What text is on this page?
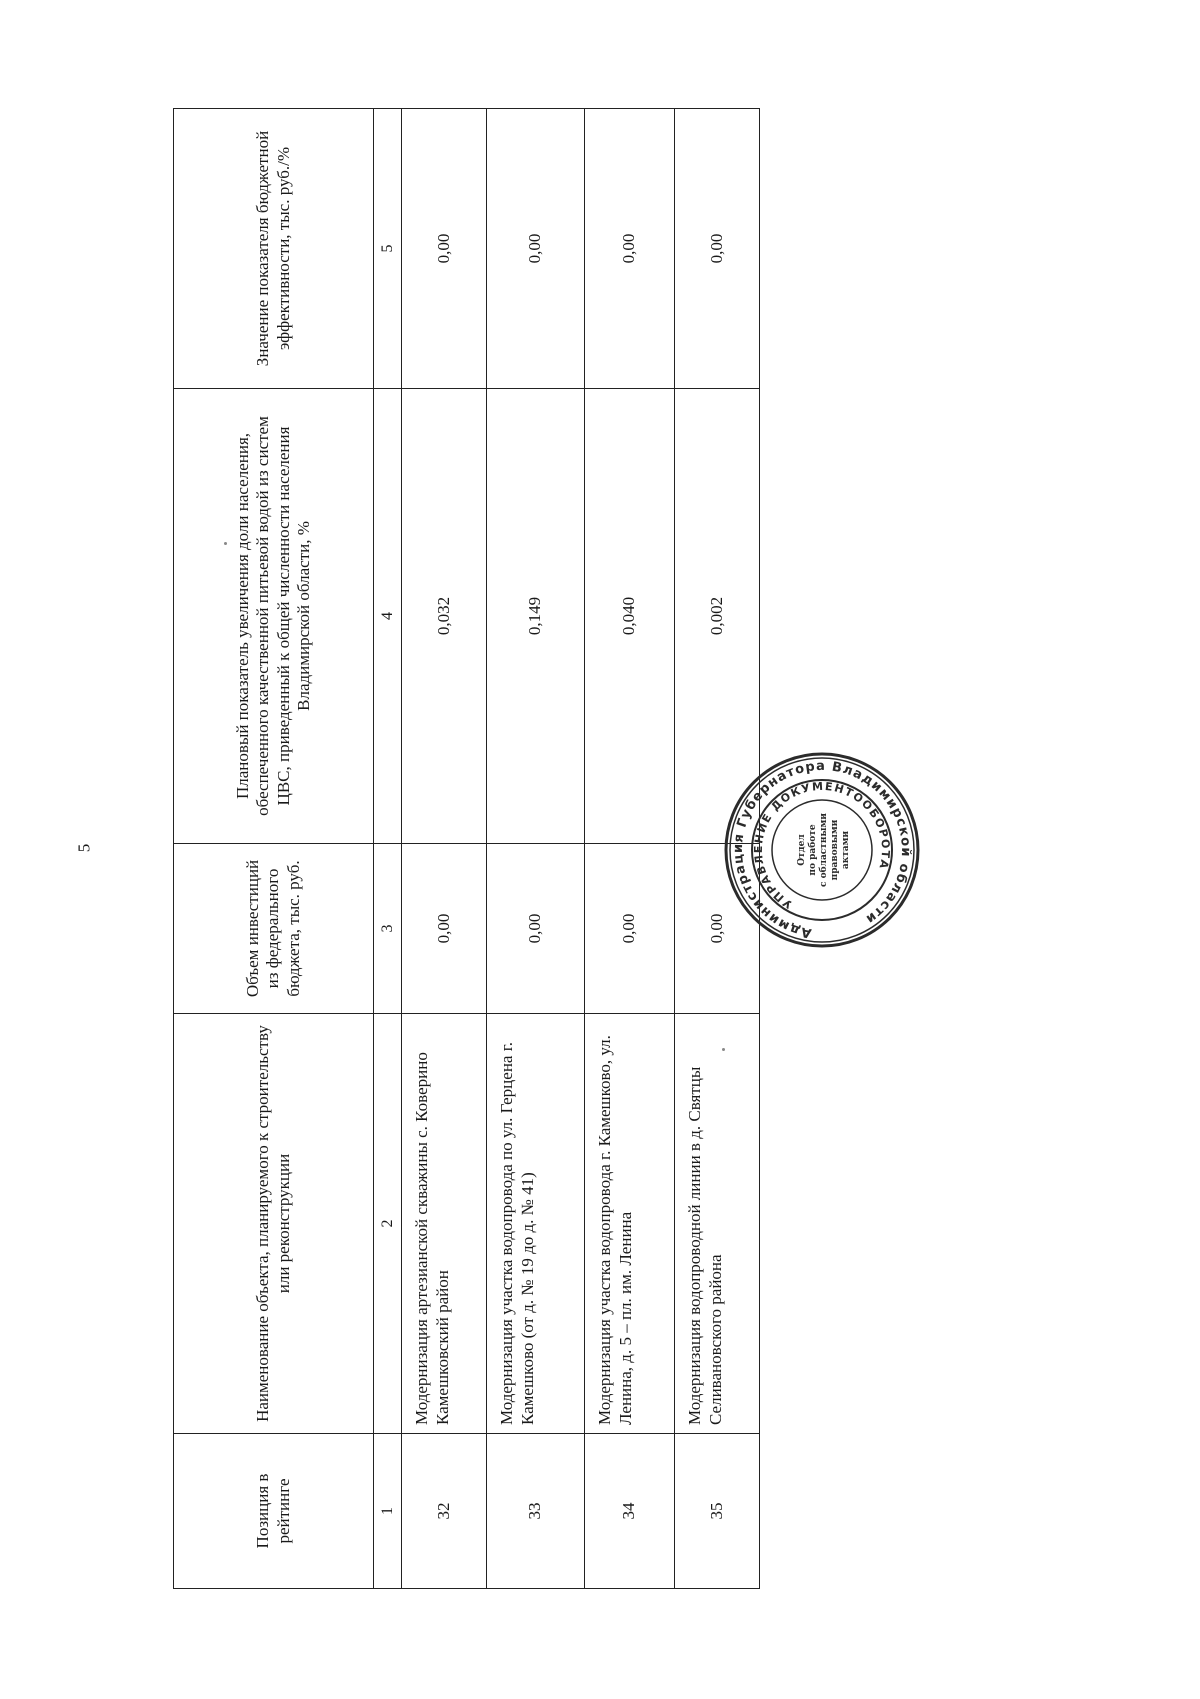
5
Позиция в рейтинге	Наименование объекта, планируемого к строительству или реконструкции	Объем инвестиций из федерального бюджета, тыс. руб.	Плановый показатель увеличения доли населения, обеспеченного качественной питьевой водой из систем ЦВС, приведенный к общей численности населения Владимирской области, %	Значение показателя бюджетной эффективности, тыс. руб./%
1	2	3	4	5
32	Модернизация артезианской скважины с. Коверино Камешковский район	0,00	0,032	0,00
33	Модернизация участка водопровода по ул. Герцена г. Камешково (от д. № 19 до д. № 41)	0,00	0,149	0,00
34	Модернизация участка водопровода г. Камешково, ул. Ленина, д. 5 – пл. им. Ленина	0,00	0,040	0,00
35	Модернизация водопроводной линии в д. Святцы Селивановского района	0,00	0,002	0,00
Администрация Губернатора Владимирской области
УПРАВЛЕНИЕ ДОКУМЕНТООБОРОТА
Отдел по работе с областными правовыми актами
